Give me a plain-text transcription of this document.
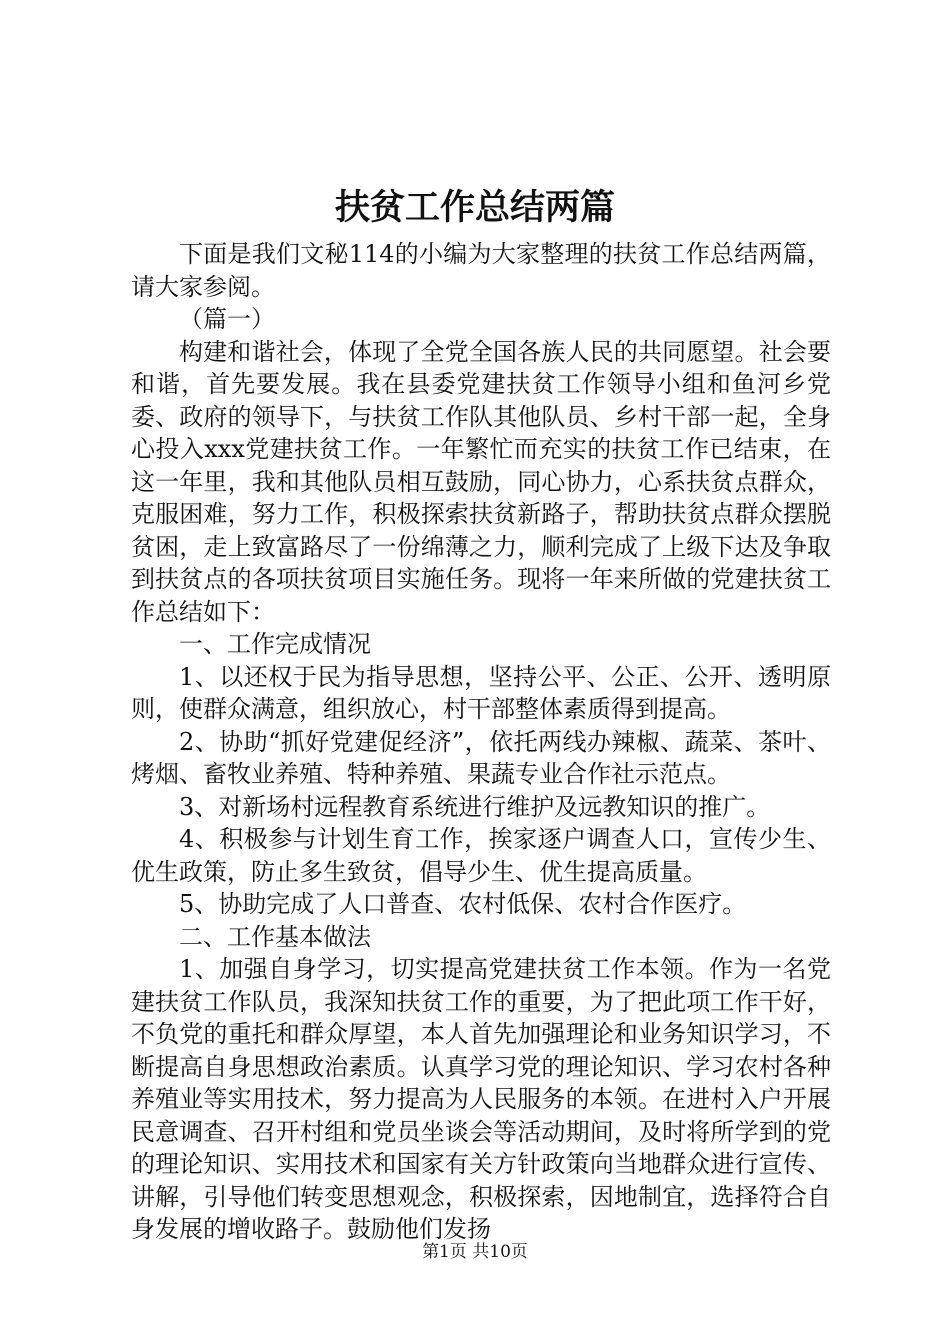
扶贫工作总结两篇

下面是我们文秘114的小编为大家整理的扶贫工作总结两篇，请大家参阅。

（篇一）

构建和谐社会，体现了全党全国各族人民的共同愿望。社会要和谐，首先要发展。我在县委党建扶贫工作领导小组和鱼河乡党委、政府的领导下，与扶贫工作队其他队员、乡村干部一起，全身心投入xxx党建扶贫工作。一年繁忙而充实的扶贫工作已结束，在这一年里，我和其他队员相互鼓励，同心协力，心系扶贫点群众，克服困难，努力工作，积极探索扶贫新路子，帮助扶贫点群众摆脱贫困，走上致富路尽了一份绵薄之力，顺利完成了上级下达及争取到扶贫点的各项扶贫项目实施任务。现将一年来所做的党建扶贫工作总结如下：

一、工作完成情况

1、以还权于民为指导思想，坚持公平、公正、公开、透明原则，使群众满意，组织放心，村干部整体素质得到提高。

2、协助“抓好党建促经济”，依托两线办辣椒、蔬菜、茶叶、烤烟、畜牧业养殖、特种养殖、果蔬专业合作社示范点。

3、对新场村远程教育系统进行维护及远教知识的推广。

4、积极参与计划生育工作，挨家逐户调查人口，宣传少生、优生政策，防止多生致贫，倡导少生、优生提高质量。

5、协助完成了人口普查、农村低保、农村合作医疗。

二、工作基本做法

1、加强自身学习，切实提高党建扶贫工作本领。作为一名党建扶贫工作队员，我深知扶贫工作的重要，为了把此项工作干好，不负党的重托和群众厚望，本人首先加强理论和业务知识学习，不断提高自身思想政治素质。认真学习党的理论知识、学习农村各种养殖业等实用技术，努力提高为人民服务的本领。在进村入户开展民意调查、召开村组和党员坐谈会等活动期间，及时将所学到的党的理论知识、实用技术和国家有关方针政策向当地群众进行宣传、讲解，引导他们转变思想观念，积极探索，因地制宜，选择符合自身发展的增收路子。鼓励他们发扬

第1页 共10页
